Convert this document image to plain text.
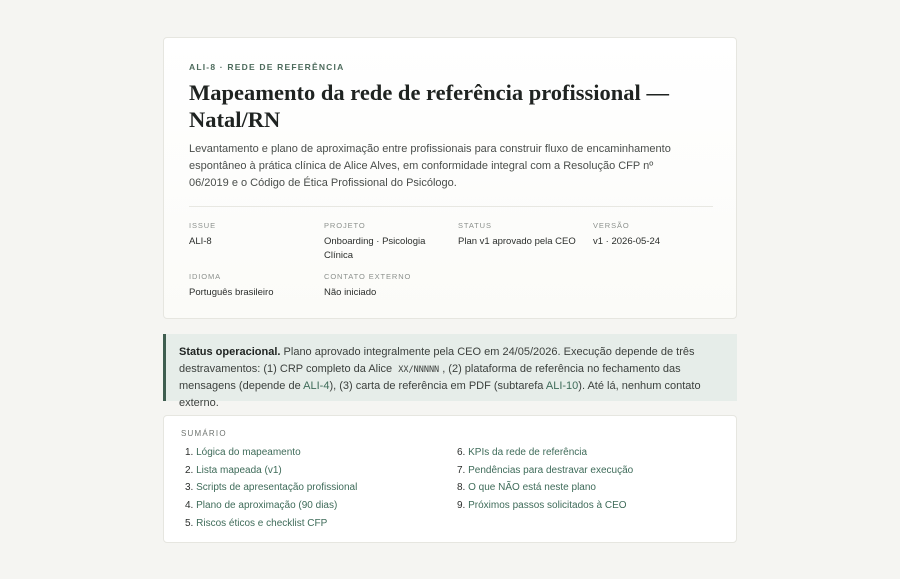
ALI-8 · REDE DE REFERÊNCIA
Mapeamento da rede de referência profissional — Natal/RN
Levantamento e plano de aproximação entre profissionais para construir fluxo de encaminhamento espontâneo à prática clínica de Alice Alves, em conformidade integral com a Resolução CFP nº 06/2019 e o Código de Ética Profissional do Psicólogo.
ISSUE
ALI-8
PROJETO
Onboarding · Psicologia Clínica
STATUS
Plan v1 aprovado pela CEO
VERSÃO
v1 · 2026-05-24
IDIOMA
Português brasileiro
CONTATO EXTERNO
Não iniciado
Status operacional. Plano aprovado integralmente pela CEO em 24/05/2026. Execução depende de três destravamentos: (1) CRP completo da Alice XX/NNNNN , (2) plataforma de referência no fechamento das mensagens (depende de ALI-4), (3) carta de referência em PDF (subtarefa ALI-10). Até lá, nenhum contato externo.
SUMÁRIO
1. Lógica do mapeamento
2. Lista mapeada (v1)
3. Scripts de apresentação profissional
4. Plano de aproximação (90 dias)
5. Riscos éticos e checklist CFP
6. KPIs da rede de referência
7. Pendências para destravar execução
8. O que NÃO está neste plano
9. Próximos passos solicitados à CEO
